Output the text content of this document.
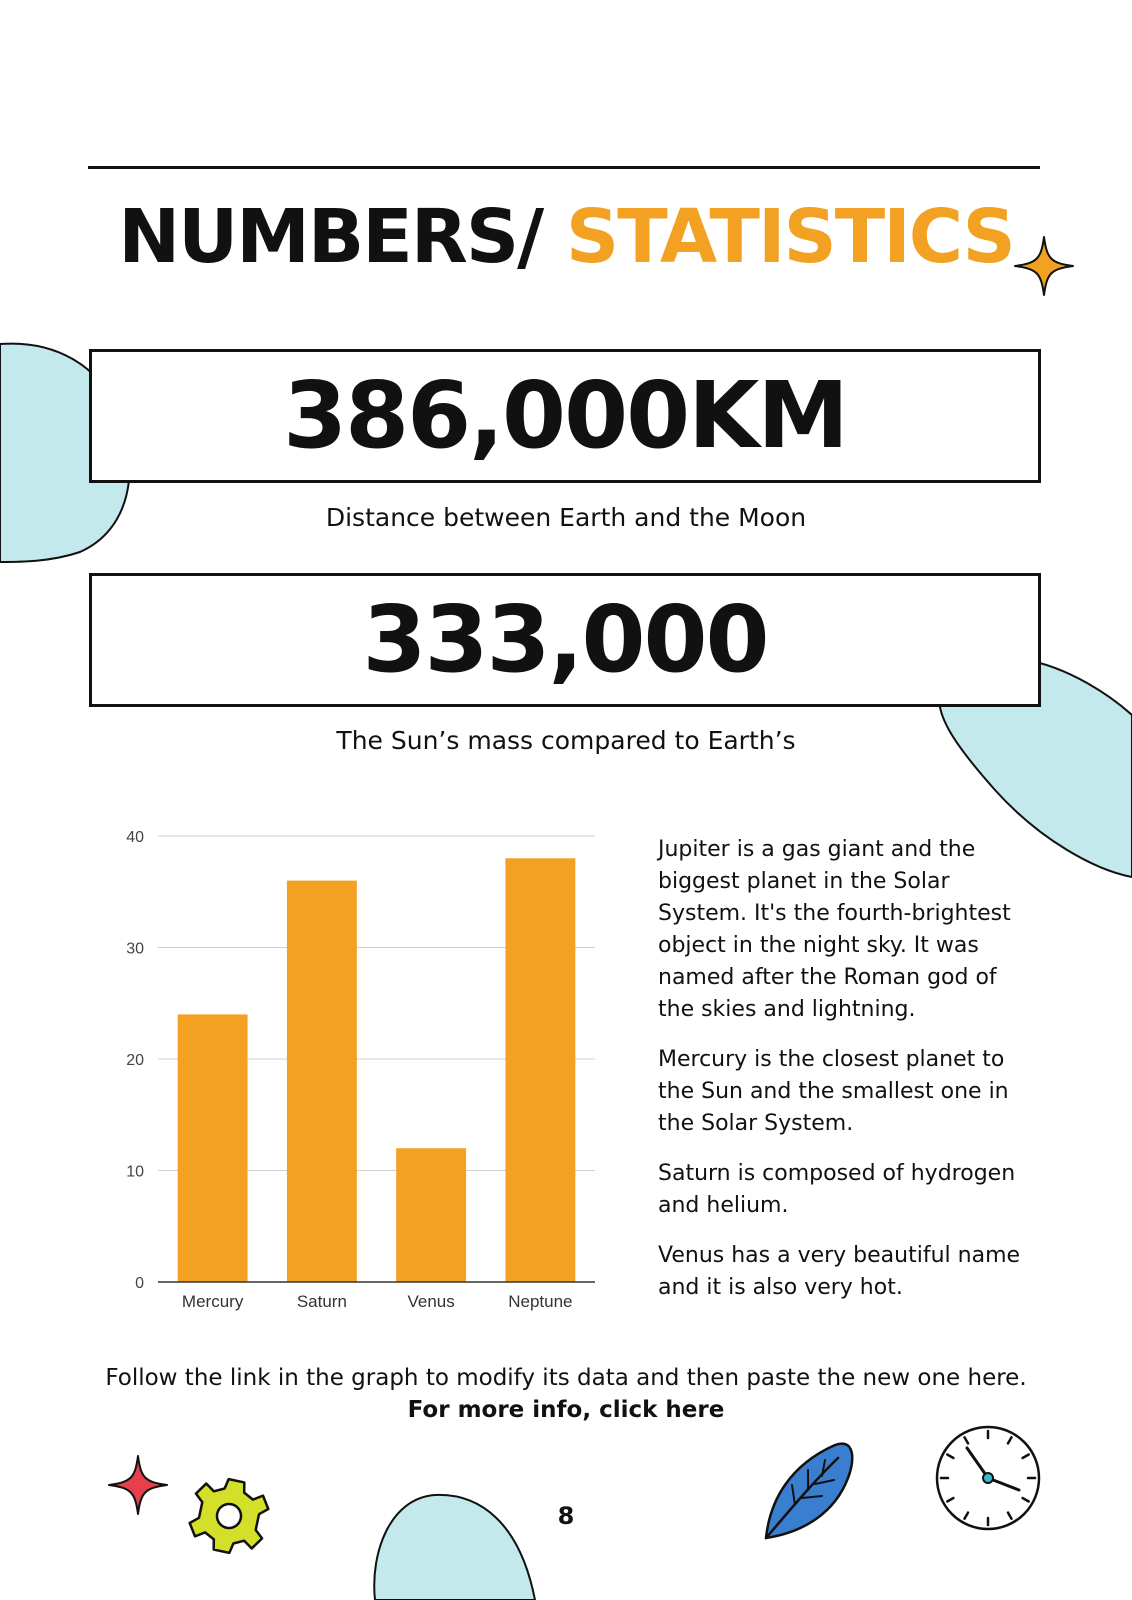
NUMBERS/ STATISTICS
386,000KM
Distance between Earth and the Moon
333,000
The Sun’s mass compared to Earth’s
0
10
20
30
40
Mercury	Saturn	Venus	Neptune

Jupiter is a gas giant and the biggest planet in the Solar System. It's the fourth-brightest object in the night sky. It was named after the Roman god of the skies and lightning.

Mercury is the closest planet to the Sun and the smallest one in the Solar System.

Saturn is composed of hydrogen and helium.

Venus has a very beautiful name and it is also very hot.

Follow the link in the graph to modify its data and then paste the new one here.
For more info, click here
8
